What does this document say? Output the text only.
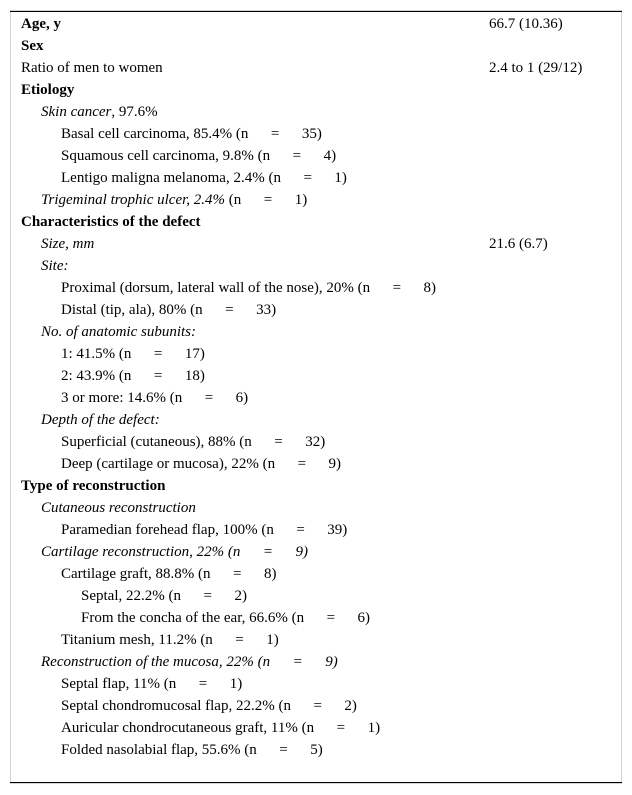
Age, y	66.7 (10.36)
Sex
Ratio of men to women	2.4 to 1 (29/12)
Etiology
Skin cancer, 97.6%
Basal cell carcinoma, 85.4% (n  =  35)
Squamous cell carcinoma, 9.8% (n  =  4)
Lentigo maligna melanoma, 2.4% (n  =  1)
Trigeminal trophic ulcer, 2.4% (n  =  1)
Characteristics of the defect
Size, mm	21.6 (6.7)
Site:
Proximal (dorsum, lateral wall of the nose), 20% (n  =  8)
Distal (tip, ala), 80% (n  =  33)
No. of anatomic subunits:
1: 41.5% (n  =  17)
2: 43.9% (n  =  18)
3 or more: 14.6% (n  =  6)
Depth of the defect:
Superficial (cutaneous), 88% (n  =  32)
Deep (cartilage or mucosa), 22% (n  =  9)
Type of reconstruction
Cutaneous reconstruction
Paramedian forehead flap, 100% (n  =  39)
Cartilage reconstruction, 22% (n  =  9)
Cartilage graft, 88.8% (n  =  8)
Septal, 22.2% (n  =  2)
From the concha of the ear, 66.6% (n  =  6)
Titanium mesh, 11.2% (n  =  1)
Reconstruction of the mucosa, 22% (n  =  9)
Septal flap, 11% (n  =  1)
Septal chondromucosal flap, 22.2% (n  =  2)
Auricular chondrocutaneous graft, 11% (n  =  1)
Folded nasolabial flap, 55.6% (n  =  5)
